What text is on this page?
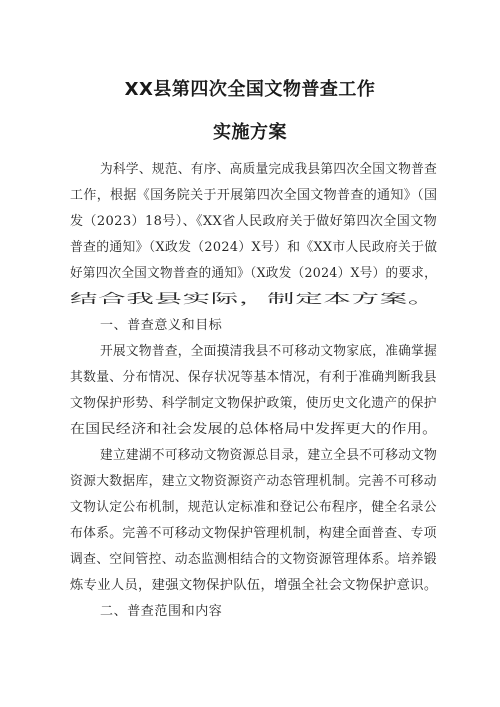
XX县第四次全国文物普查工作
实施方案
为科学、规范、有序、高质量完成我县第四次全国文物普查
工作，根据《国务院关于开展第四次全国文物普查的通知》（国
发（2023）18号）、《XX省人民政府关于做好第四次全国文物
普查的通知》（X政发（2024）X号）和《XX市人民政府关于做
好第四次全国文物普查的通知》（X政发（2024）X号）的要求，
结合我县实际，制定本方案。
一、普查意义和目标
开展文物普查，全面摸清我县不可移动文物家底，准确掌握
其数量、分布情况、保存状况等基本情况，有利于准确判断我县
文物保护形势、科学制定文物保护政策，使历史文化遗产的保护
在国民经济和社会发展的总体格局中发挥更大的作用。
建立建湖不可移动文物资源总目录，建立全县不可移动文物
资源大数据库，建立文物资源资产动态管理机制。完善不可移动
文物认定公布机制，规范认定标准和登记公布程序，健全名录公
布体系。完善不可移动文物保护管理机制，构建全面普查、专项
调查、空间管控、动态监测相结合的文物资源管理体系。培养锻
炼专业人员，建强文物保护队伍，增强全社会文物保护意识。
二、普查范围和内容
